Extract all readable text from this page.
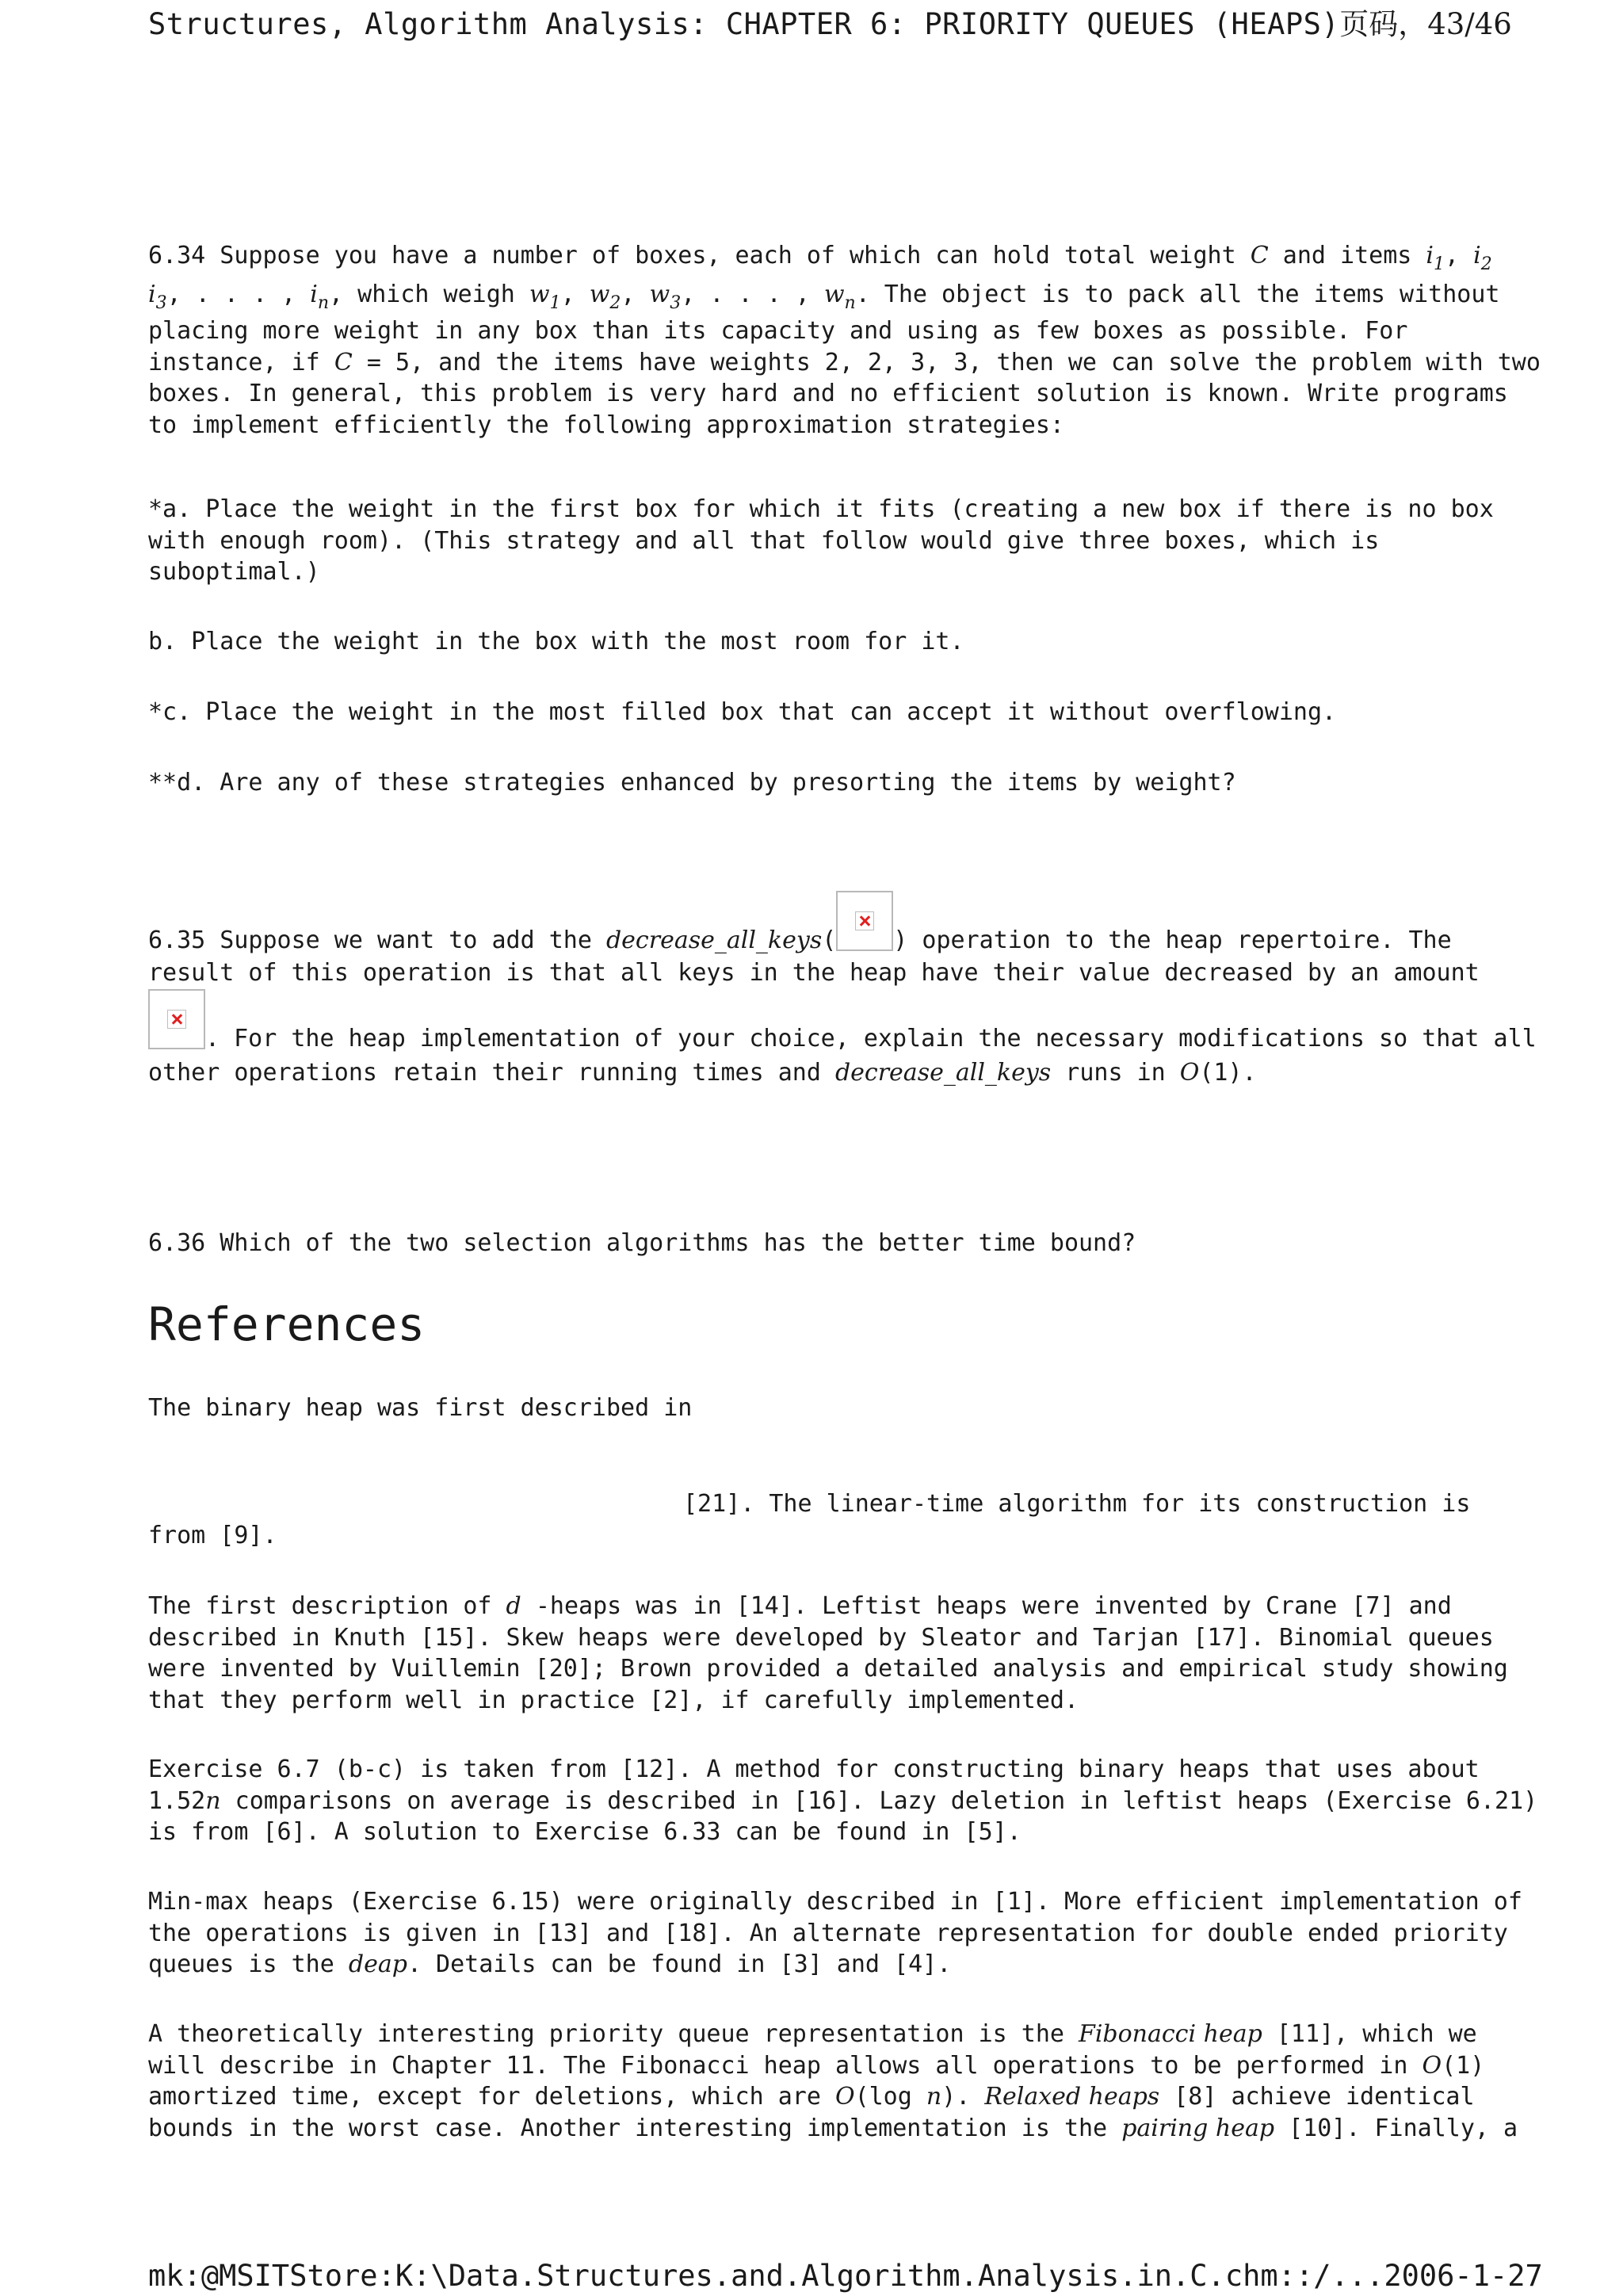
Structures, Algorithm Analysis: CHAPTER 6: PRIORITY QUEUES (HEAPS) 页码，43/46
6.34 Suppose you have a number of boxes, each of which can hold total weight C and items $i_1$, $i_2$
$i_3$, . . . , $i_n$, which weigh $w_1$, $w_2$, $w_3$, . . . , $w_n$. The object is to pack all the items without
placing more weight in any box than its capacity and using as few boxes as possible. For
instance, if C = 5, and the items have weights 2, 2, 3, 3, then we can solve the problem with two
boxes. In general, this problem is very hard and no efficient solution is known. Write programs
to implement efficiently the following approximation strategies:
*a. Place the weight in the first box for which it fits (creating a new box if there is no box
with enough room). (This strategy and all that follow would give three boxes, which is
suboptimal.)
b. Place the weight in the box with the most room for it.
*c. Place the weight in the most filled box that can accept it without overflowing.
**d. Are any of these strategies enhanced by presorting the items by weight?
6.35 Suppose we want to add the decrease_all_keys( ) operation to the heap repertoire. The
result of this operation is that all keys in the heap have their value decreased by an amount
. For the heap implementation of your choice, explain the necessary modifications so that all
other operations retain their running times and decrease_all_keys runs in O(1).
6.36 Which of the two selection algorithms has the better time bound?
References
The binary heap was first described in
[21]. The linear-time algorithm for its construction is
from [9].
The first description of d -heaps was in [14]. Leftist heaps were invented by Crane [7] and
described in Knuth [15]. Skew heaps were developed by Sleator and Tarjan [17]. Binomial queues
were invented by Vuillemin [20]; Brown provided a detailed analysis and empirical study showing
that they perform well in practice [2], if carefully implemented.
Exercise 6.7 (b-c) is taken from [12]. A method for constructing binary heaps that uses about
1.52n comparisons on average is described in [16]. Lazy deletion in leftist heaps (Exercise 6.21)
is from [6]. A solution to Exercise 6.33 can be found in [5].
Min-max heaps (Exercise 6.15) were originally described in [1]. More efficient implementation of
the operations is given in [13] and [18]. An alternate representation for double ended priority
queues is the deap. Details can be found in [3] and [4].
A theoretically interesting priority queue representation is the Fibonacci heap [11], which we
will describe in Chapter 11. The Fibonacci heap allows all operations to be performed in O(1)
amortized time, except for deletions, which are O(log n). Relaxed heaps [8] achieve identical
bounds in the worst case. Another interesting implementation is the pairing heap [10]. Finally, a
mk:@MSITStore:K:\Data.Structures.and.Algorithm.Analysis.in.C.chm::/... 2006-1-27
